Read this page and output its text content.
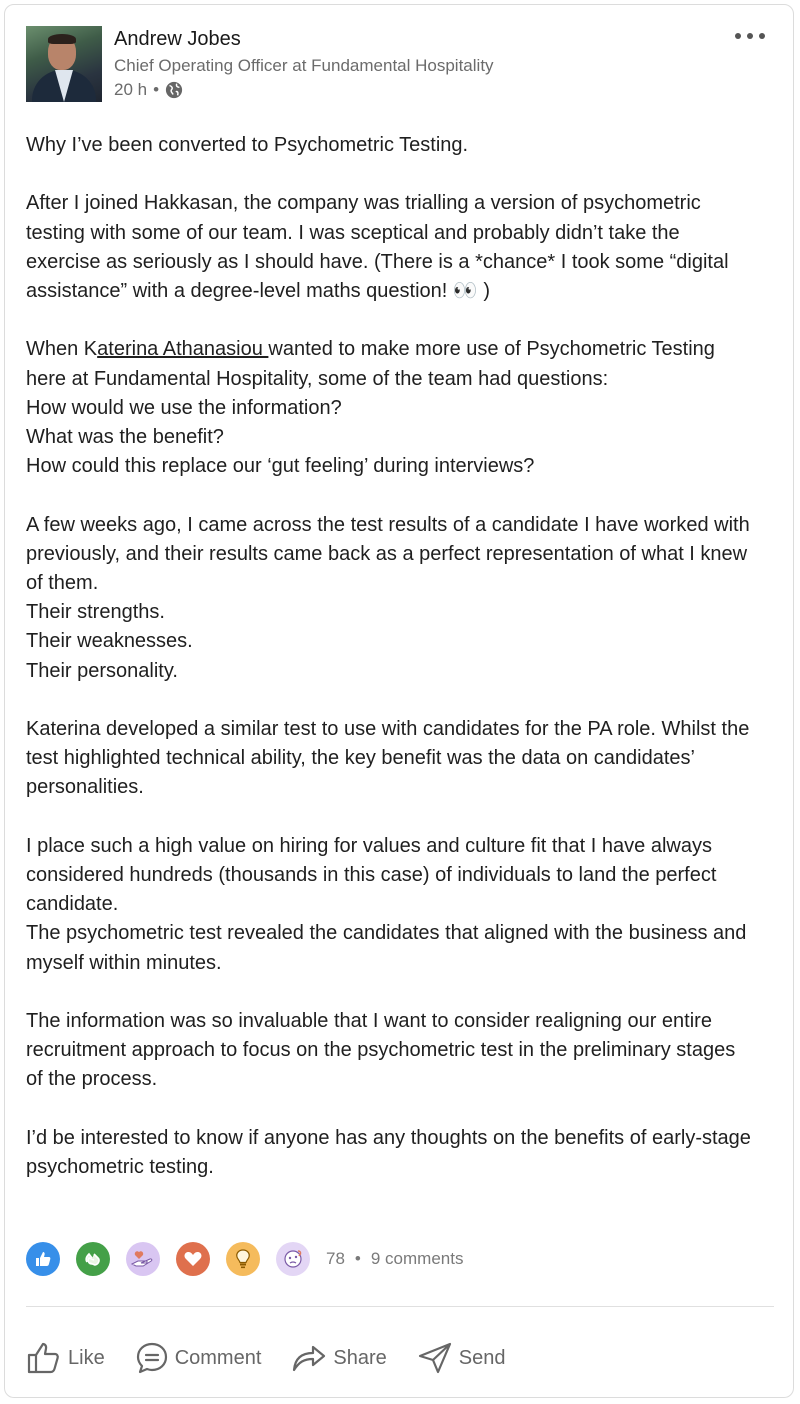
Andrew Jobes
Chief Operating Officer at Fundamental Hospitality
20 h •

Why I’ve been converted to Psychometric Testing.

After I joined Hakkasan, the company was trialling a version of psychometric
testing with some of our team. I was sceptical and probably didn’t take the
exercise as seriously as I should have. (There is a *chance* I took some “digital
assistance” with a degree-level maths question! 👀 )

When Katerina Athanasiou wanted to make more use of Psychometric Testing
here at Fundamental Hospitality, some of the team had questions:
How would we use the information?
What was the benefit?
How could this replace our ‘gut feeling’ during interviews?

A few weeks ago, I came across the test results of a candidate I have worked with
previously, and their results came back as a perfect representation of what I knew
of them.
Their strengths.
Their weaknesses.
Their personality.

Katerina developed a similar test to use with candidates for the PA role. Whilst the
test highlighted technical ability, the key benefit was the data on candidates’
personalities.

I place such a high value on hiring for values and culture fit that I have always
considered hundreds (thousands in this case) of individuals to land the perfect
candidate.
The psychometric test revealed the candidates that aligned with the business and
myself within minutes.

The information was so invaluable that I want to consider realigning our entire
recruitment approach to focus on the psychometric test in the preliminary stages
of the process.

I’d be interested to know if anyone has any thoughts on the benefits of early-stage
psychometric testing.

78 • 9 comments
Like	Comment	Share	Send
